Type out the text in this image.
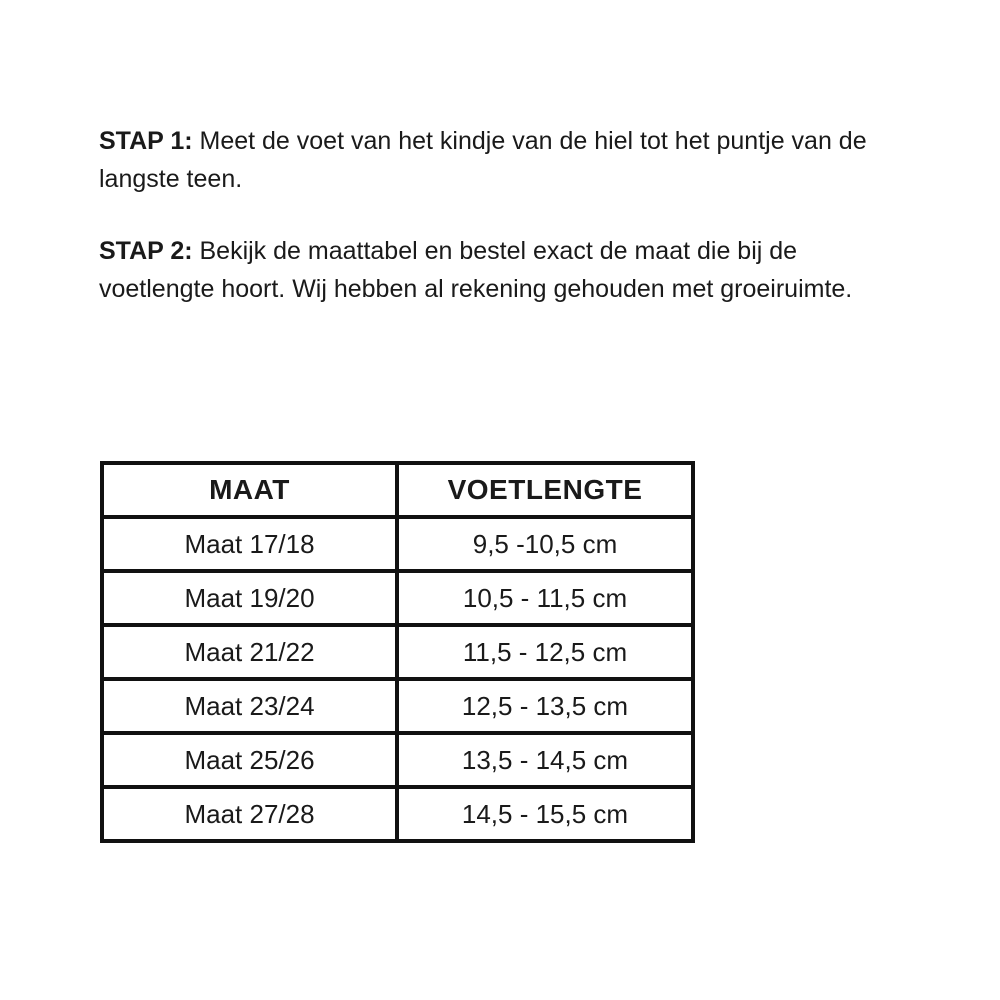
STAP 1: Meet de voet van het kindje van de hiel tot het puntje van de langste teen.

STAP 2: Bekijk de maattabel en bestel exact de maat die bij de voetlengte hoort. Wij hebben al rekening gehouden met groeiruimte.

MAAT	VOETLENGTE
Maat 17/18	9,5 -10,5 cm
Maat 19/20	10,5 - 11,5 cm
Maat 21/22	11,5 - 12,5 cm
Maat 23/24	12,5 - 13,5 cm
Maat 25/26	13,5 - 14,5 cm
Maat 27/28	14,5 - 15,5 cm
